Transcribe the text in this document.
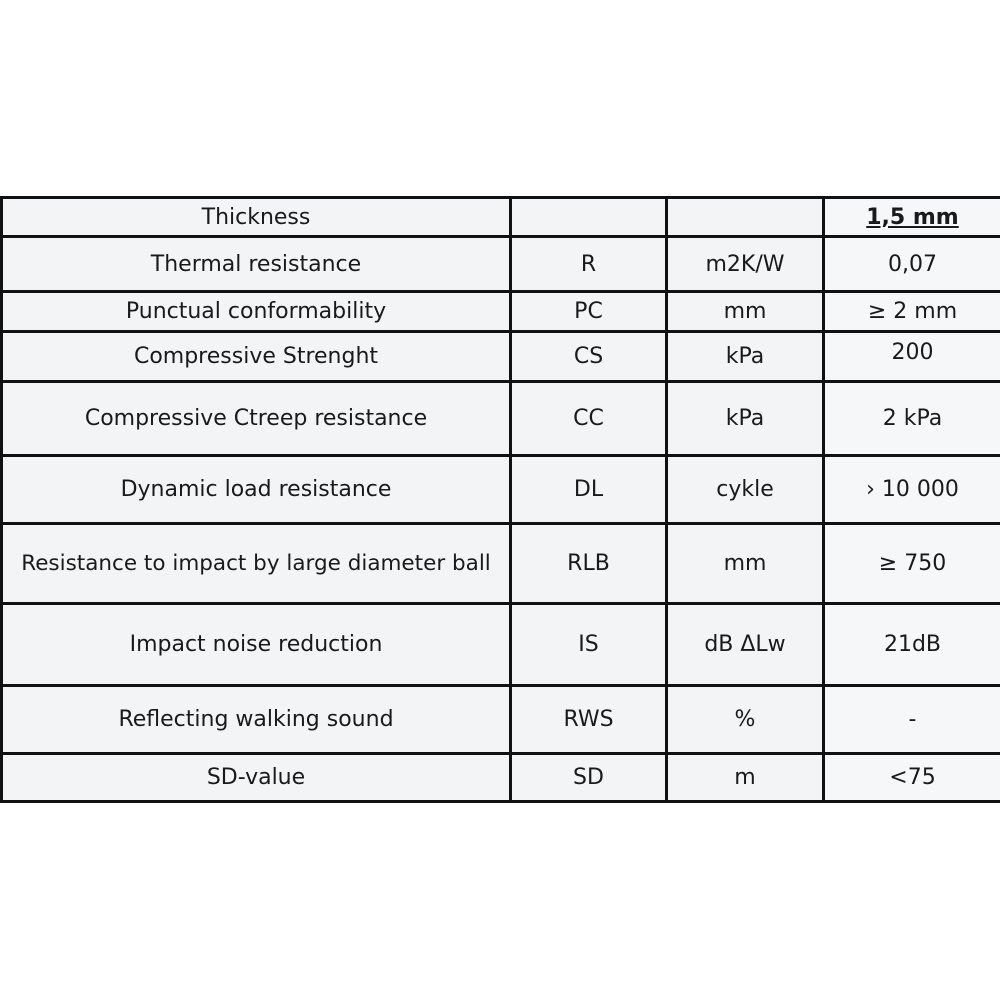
Thickness			1,5 mm
Thermal resistance	R	m2K/W	0,07
Punctual conformability	PC	mm	≥ 2 mm
Compressive Strenght	CS	kPa	200
Compressive Ctreep resistance	CC	kPa	2 kPa
Dynamic load resistance	DL	cykle	› 10 000
Resistance to impact by large diameter ball	RLB	mm	≥ 750
Impact noise reduction	IS	dB ΔLw	21dB
Reflecting walking sound	RWS	%	-
SD-value	SD	m	<75
